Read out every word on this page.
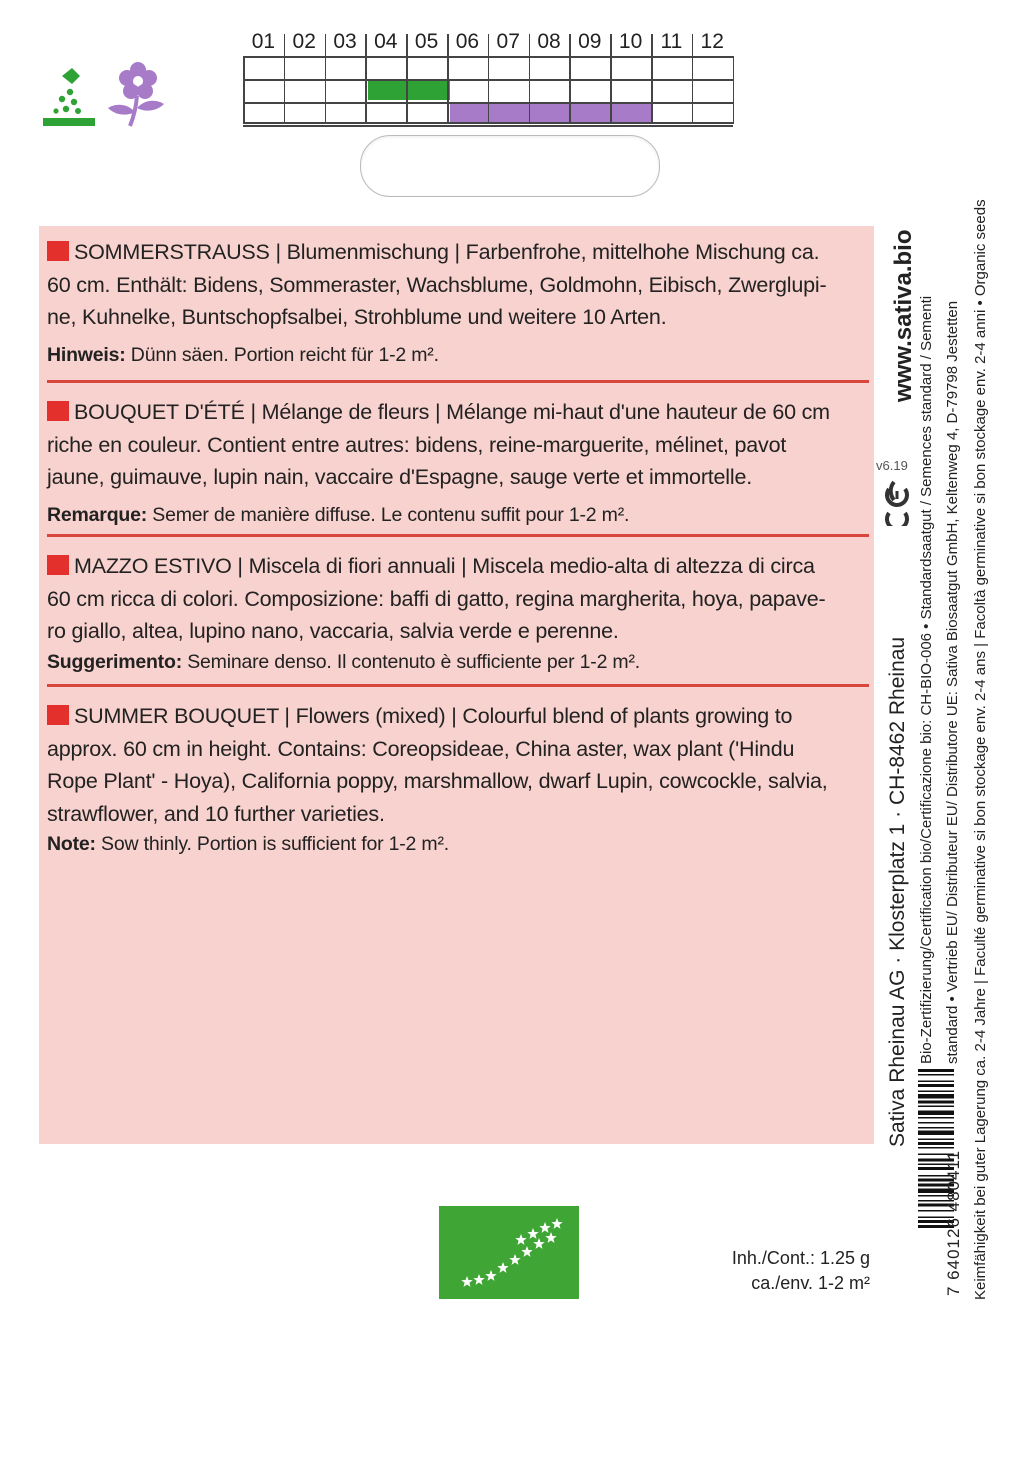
01 02 03 04 05 06 07 08 09 10 11 12

SOMMERSTRAUSS | Blumenmischung | Farbenfrohe, mittelhohe Mischung ca.

60 cm. Enthält: Bidens, Sommeraster, Wachsblume, Goldmohn, Eibisch, Zwerglupi-

ne, Kuhnelke, Buntschopfsalbei, Strohblume und weitere 10 Arten.

Hinweis: Dünn säen. Portion reicht für 1-2 m².

BOUQUET D'ÉTÉ | Mélange de fleurs | Mélange mi-haut d'une hauteur de 60 cm

riche en couleur. Contient entre autres: bidens, reine-marguerite, mélinet, pavot

jaune, guimauve, lupin nain, vaccaire d'Espagne, sauge verte et immortelle.

Remarque: Semer de manière diffuse. Le contenu suffit pour 1-2 m².

MAZZO ESTIVO | Miscela di fiori annuali | Miscela medio-alta di altezza di circa

60 cm ricca di colori. Composizione: baffi di gatto, regina margherita, hoya, papave-

ro giallo, altea, lupino nano, vaccaria, salvia verde e perenne.

Suggerimento: Seminare denso. Il contenuto è sufficiente per 1-2 m².

SUMMER BOUQUET | Flowers (mixed) | Colourful blend of plants growing to

approx. 60 cm in height. Contains: Coreopsideae, China aster, wax plant ('Hindu

Rope Plant' - Hoya), California poppy, marshmallow, dwarf Lupin, cowcockle, salvia,

strawflower, and 10 further varieties.

Note: Sow thinly. Portion is sufficient for 1-2 m².

www.sativa.bio
v6.19
Sativa Rheinau AG · Klosterplatz 1 · CH-8462 Rheinau Bio-Zertifizierung/Certification bio/Certificazione bio: CH-BIO-006 • Standardsaatgut / Semences standard / Sementi standard • Vertrieb EU/ Distributeur EU/ Distributore UE: Sativa Biosaatgut GmbH, Keltenweg 4, D-79798 Jestetten Keimfähigkeit bei guter Lagerung ca. 2-4 Jahre | Faculté germinative si bon stockage env. 2-4 ans | Facoltà germinative si bon stockage env. 2-4 anni • Organic seeds
7 640126 480411
Inh./Cont.: 1.25 g
ca./env. 1-2 m²
